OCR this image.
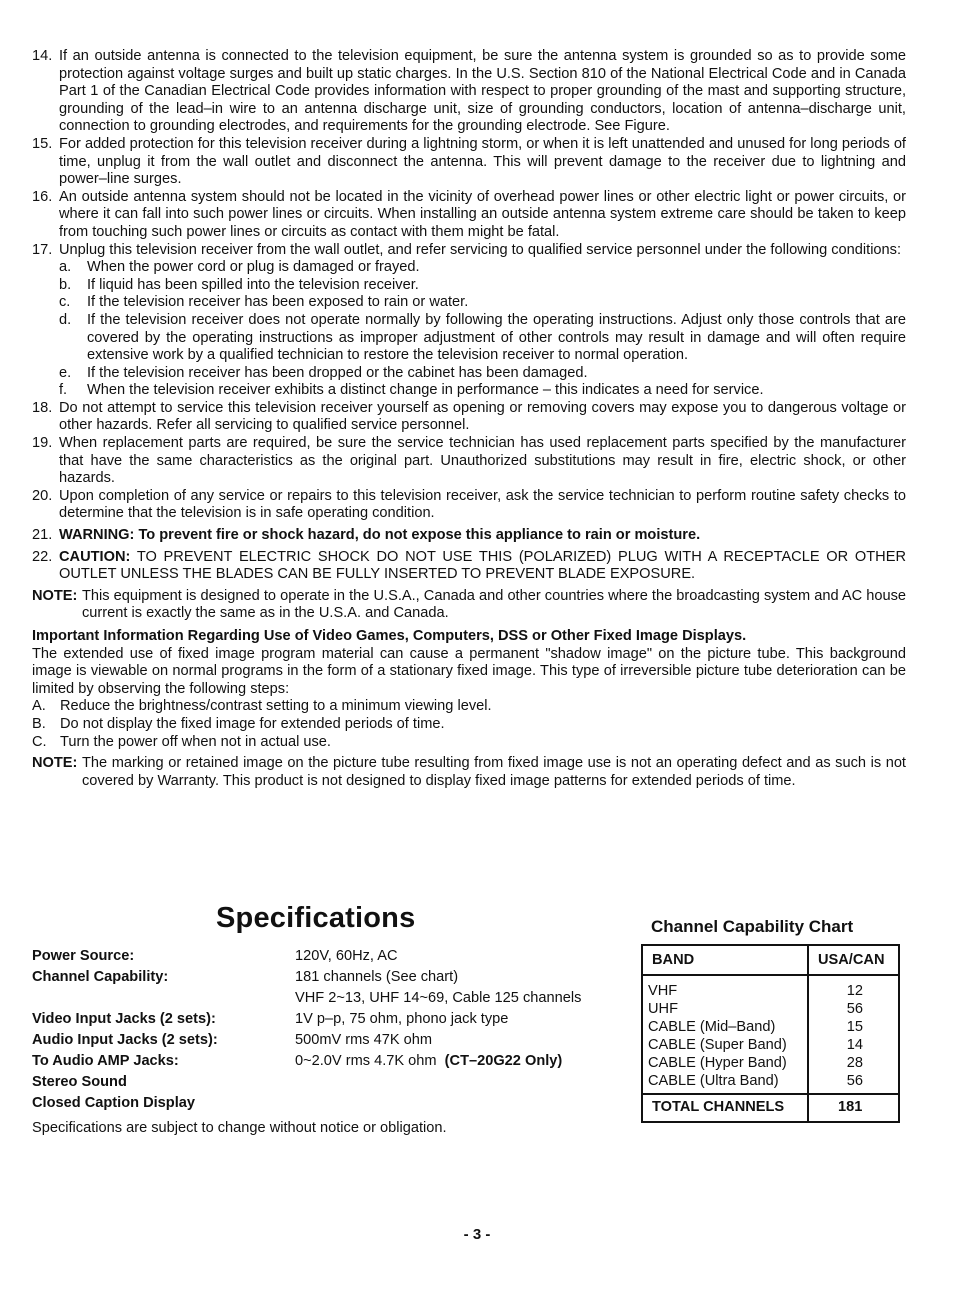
14. If an outside antenna is connected to the television equipment, be sure the antenna system is grounded so as to provide some protection against voltage surges and built up static charges. In the U.S. Section 810 of the National Electrical Code and in Canada Part 1 of the Canadian Electrical Code provides information with respect to proper grounding of the mast and supporting structure, grounding of the lead–in wire to an antenna discharge unit, size of grounding conductors, location of antenna–discharge unit, connection to grounding electrodes, and requirements for the grounding electrode. See Figure.
15. For added protection for this television receiver during a lightning storm, or when it is left unattended and unused for long periods of time, unplug it from the wall outlet and disconnect the antenna. This will prevent damage to the receiver due to lightning and power–line surges.
16. An outside antenna system should not be located in the vicinity of overhead power lines or other electric light or power circuits, or where it can fall into such power lines or circuits. When installing an outside antenna system extreme care should be taken to keep from touching such power lines or circuits as contact with them might be fatal.
17. Unplug this television receiver from the wall outlet, and refer servicing to qualified service personnel under the following conditions:
a.	When the power cord or plug is damaged or frayed.
b.	If liquid has been spilled into the television receiver.
c.	If the television receiver has been exposed to rain or water.
d.	If the television receiver does not operate normally by following the operating instructions. Adjust only those controls that are covered by the operating instructions as improper adjustment of other controls may result in damage and will often require extensive work by a qualified technician to restore the television receiver to normal operation.
e.	If the television receiver has been dropped or the cabinet has been damaged.
f.	When the television receiver exhibits a distinct change in performance – this indicates a need for service.
18. Do not attempt to service this television receiver yourself as opening or removing covers may expose you to dangerous voltage or other hazards. Refer all servicing to qualified service personnel.
19. When replacement parts are required, be sure the service technician has used replacement parts specified by the manufacturer that have the same characteristics as the original part. Unauthorized substitutions may result in fire, electric shock, or other hazards.
20. Upon completion of any service or repairs to this television receiver, ask the service technician to perform routine safety checks to determine that the television is in safe operating condition.
21. WARNING: To prevent fire or shock hazard, do not expose this appliance to rain or moisture.
22. CAUTION: TO PREVENT ELECTRIC SHOCK DO NOT USE THIS (POLARIZED) PLUG WITH A RECEPTACLE OR OTHER OUTLET UNLESS THE BLADES CAN BE FULLY INSERTED TO PREVENT BLADE EXPOSURE.
NOTE: This equipment is designed to operate in the U.S.A., Canada and other countries where the broadcasting system and AC house current is exactly the same as in the U.S.A. and Canada.
Important Information Regarding Use of Video Games, Computers, DSS or Other Fixed Image Displays.
The extended use of fixed image program material can cause a permanent "shadow image" on the picture tube. This background image is viewable on normal programs in the form of a stationary fixed image. This type of irreversible picture tube deterioration can be limited by observing the following steps:
A. Reduce the brightness/contrast setting to a minimum viewing level.
B. Do not display the fixed image for extended periods of time.
C. Turn the power off when not in actual use.
NOTE: The marking or retained image on the picture tube resulting from fixed image use is not an operating defect and as such is not covered by Warranty. This product is not designed to display fixed image patterns for extended periods of time.
Specifications
Power Source:	120V, 60Hz, AC
Channel Capability:	181 channels (See chart)
VHF 2~13, UHF 14~69, Cable 125 channels
Video Input Jacks (2 sets):	1V p–p, 75 ohm, phono jack type
Audio Input Jacks (2 sets):	500mV rms 47K ohm
To Audio AMP Jacks:	0~2.0V rms 4.7K ohm (CT–20G22 Only)
Stereo Sound
Closed Caption Display
Specifications are subject to change without notice or obligation.
Channel Capability Chart
BAND	USA/CAN
VHF	12
UHF	56
CABLE (Mid–Band)	15
CABLE (Super Band)	14
CABLE (Hyper Band)	28
CABLE (Ultra Band)	56
TOTAL CHANNELS	181
- 3 -
